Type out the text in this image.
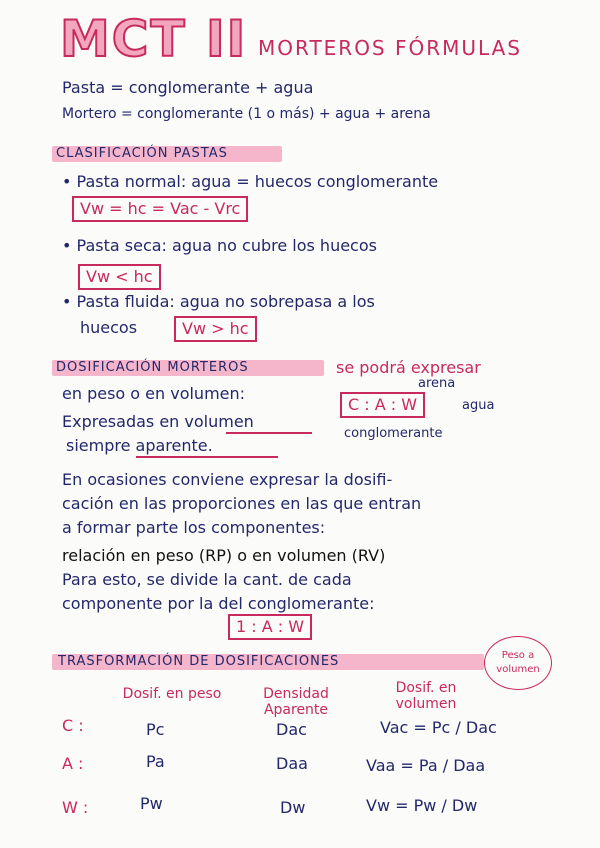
MCT II MORTEROS FÓRMULAS
Pasta = conglomerante + agua
Mortero = conglomerante (1 o más) + agua + arena
CLASIFICACIÓN PASTAS
• Pasta normal: agua = huecos conglomerante
Vw = hc = Vac - Vrc
• Pasta seca: agua no cubre los huecos
Vw < hc
• Pasta fluida: agua no sobrepasa a los
huecos	Vw > hc
DOSIFICACIÓN MORTEROS	se podrá expresar
en peso o en volumen:
C : A : W
arena
agua
conglomerante
Expresadas en volumen
siempre aparente.
En ocasiones conviene expresar la dosifi-
cación en las proporciones en las que entran
a formar parte los componentes:
relación en peso (RP) o en volumen (RV)
Para esto, se divide la cant. de cada
componente por la del conglomerante:
1 : A : W
TRASFORMACIÓN DE DOSIFICACIONES	Peso a volumen
Dosif. en peso	Densidad Aparente
Dosif. en volumen
C :	Pc	Dac	Vac = Pc / Dac
A :	Pa	Daa	Vaa = Pa / Daa
W :	Pw	Dw	Vw = Pw / Dw
